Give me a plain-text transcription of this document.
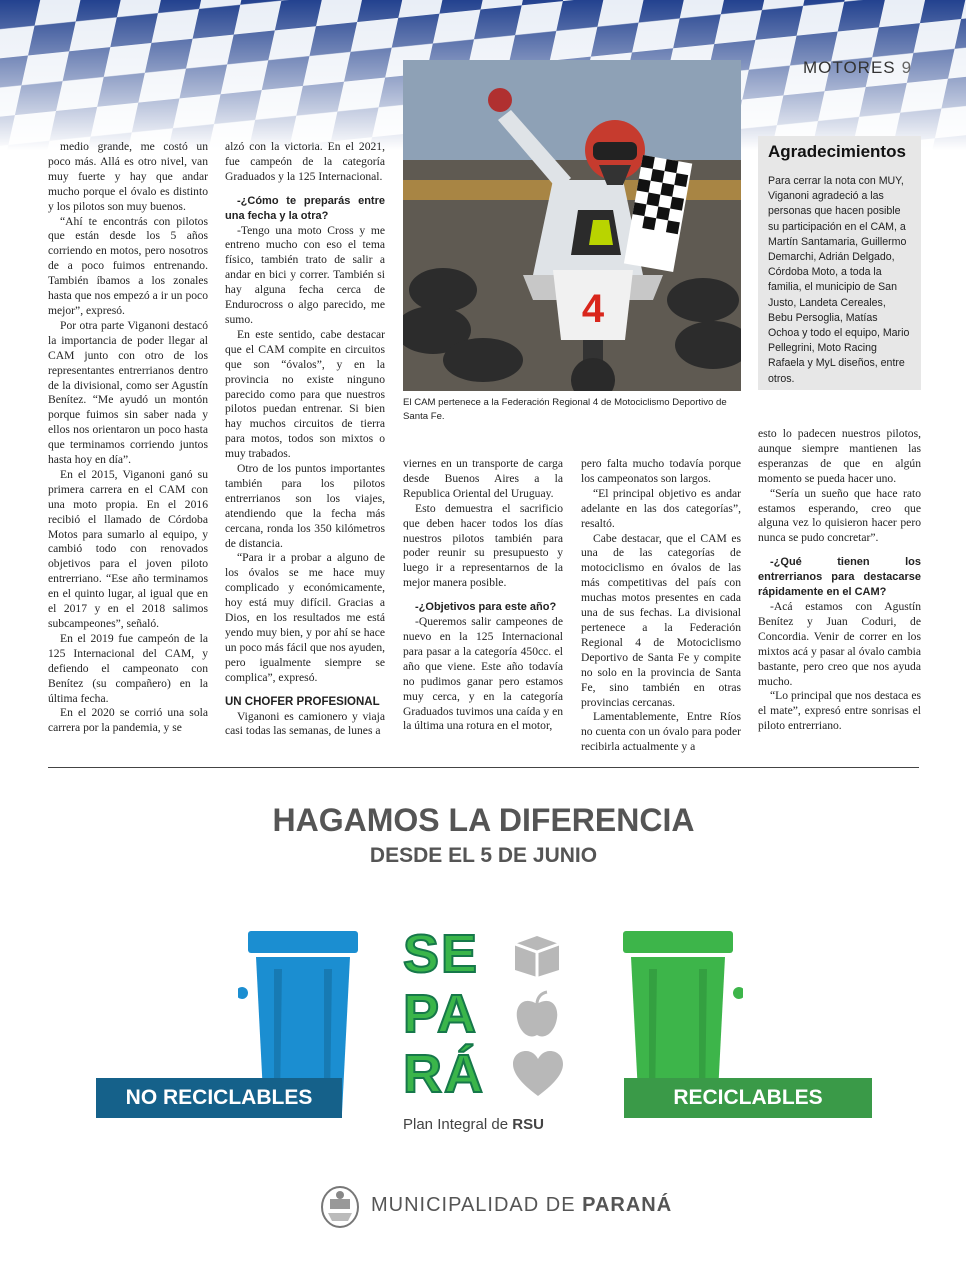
MOTORES 9

medio grande, me costó un poco más. Allá es otro nivel, van muy fuerte y hay que andar mucho porque el óvalo es distinto y los pilotos son muy buenos.

“Ahí te encontrás con pilotos que están desde los 5 años corriendo en motos, pero nosotros de a poco fuimos entrenando. También íbamos a los zonales hasta que nos empezó a ir un poco mejor”, expresó.

Por otra parte Viganoni destacó la importancia de poder llegar al CAM junto con otro de los representantes entrerrianos dentro de la divisional, como ser Agustín Benítez. “Me ayudó un montón porque fuimos sin saber nada y ellos nos orientaron un poco hasta que terminamos corriendo juntos hasta hoy en día”.

En el 2015, Viganoni ganó su primera carrera en el CAM con una moto propia. En el 2016 recibió el llamado de Córdoba Motos para sumarlo al equipo, y cambió todo con renovados objetivos para el joven piloto entrerriano. “Ese año terminamos en el quinto lugar, al igual que en el 2017 y en el 2018 salimos subcampeones”, señaló.

En el 2019 fue campeón de la 125 Internacional del CAM, y defiendo el campeonato con Benítez (su compañero) en la última fecha.

En el 2020 se corrió una sola carrera por la pandemia, y se

alzó con la victoria. En el 2021, fue campeón de la categoría Graduados y la 125 Internacional.

-¿Cómo te preparás entre una fecha y la otra?

-Tengo una moto Cross y me entreno mucho con eso el tema físico, también trato de salir a andar en bici y correr. También si hay alguna fecha cerca de Endurocross o algo parecido, me sumo.

En este sentido, cabe destacar que el CAM compite en circuitos que son “óvalos”, y en la provincia no existe ninguno parecido como para que nuestros pilotos puedan entrenar. Si bien hay muchos circuitos de tierra para motos, todos son mixtos o muy trabados.

Otro de los puntos importantes también para los pilotos entrerrianos son los viajes, atendiendo que la fecha más cercana, ronda los 350 kilómetros de distancia.

“Para ir a probar a alguno de los óvalos se me hace muy complicado y económicamente, hoy está muy difícil. Gracias a Dios, en los resultados me está yendo muy bien, y por ahí se hace un poco más fácil que nos ayuden, pero igualmente siempre se complica”, expresó.

UN CHOFER PROFESIONAL

Viganoni es camionero y viaja casi todas las semanas, de lunes a

viernes en un transporte de carga desde Buenos Aires a la Republica Oriental del Uruguay.

Esto demuestra el sacrificio que deben hacer todos los días nuestros pilotos también para poder reunir su presupuesto y luego ir a representarnos de la mejor manera posible.

-¿Objetivos para este año?

-Queremos salir campeones de nuevo en la 125 Internacional para pasar a la categoría 450cc. el año que viene. Este año todavía no pudimos ganar pero estamos muy cerca, y en la categoría Graduados tuvimos una caída y en la última una rotura en el motor,

pero falta mucho todavía porque los campeonatos son largos.

“El principal objetivo es andar adelante en las dos categorías”, resaltó.

Cabe destacar, que el CAM es una de las categorías de motociclismo en óvalos de las más competitivas del país con muchas motos presentes en cada una de sus fechas. La divisional pertenece a la Federación Regional 4 de Motociclismo Deportivo de Santa Fe y compite no solo en la provincia de Santa Fe, sino también en otras provincias cercanas.

Lamentablemente, Entre Ríos no cuenta con un óvalo para poder recibirla actualmente y a

esto lo padecen nuestros pilotos, aunque siempre mantienen las esperanzas de que en algún momento se pueda hacer uno.

“Sería un sueño que hace rato estamos esperando, creo que alguna vez lo quisieron hacer pero nunca se pudo concretar”.

-¿Qué tienen los entrerrianos para destacarse rápidamente en el CAM?

-Acá estamos con Agustín Benítez y Juan Coduri, de Concordia. Venir de correr en los mixtos acá y pasar al óvalo cambia bastante, pero creo que nos ayuda mucho.

“Lo principal que nos destaca es el mate”, expresó entre sonrisas el piloto entrerriano.

4
El CAM pertenece a la Federación Regional 4 de Motociclismo Deportivo de Santa Fe.
Agradecimientos

Para cerrar la nota con MUY, Viganoni agradeció a las personas que hacen posible su participación en el CAM, a Martín Santamaria, Guillermo Demarchi, Adrián Delgado, Córdoba Moto, a toda la familia, el municipio de San Justo, Landeta Cereales, Bebu Persoglia, Matías Ochoa y todo el equipo, Mario Pellegrini, Moto Racing Rafaela y MyL diseños, entre otros.

HAGAMOS LA DIFERENCIA
DESDE EL 5 DE JUNIO
NO RECICLABLES	RECICLABLES
SE
PA
RÁ
Plan Integral de RSU
MUNICIPALIDAD DE PARANÁ
